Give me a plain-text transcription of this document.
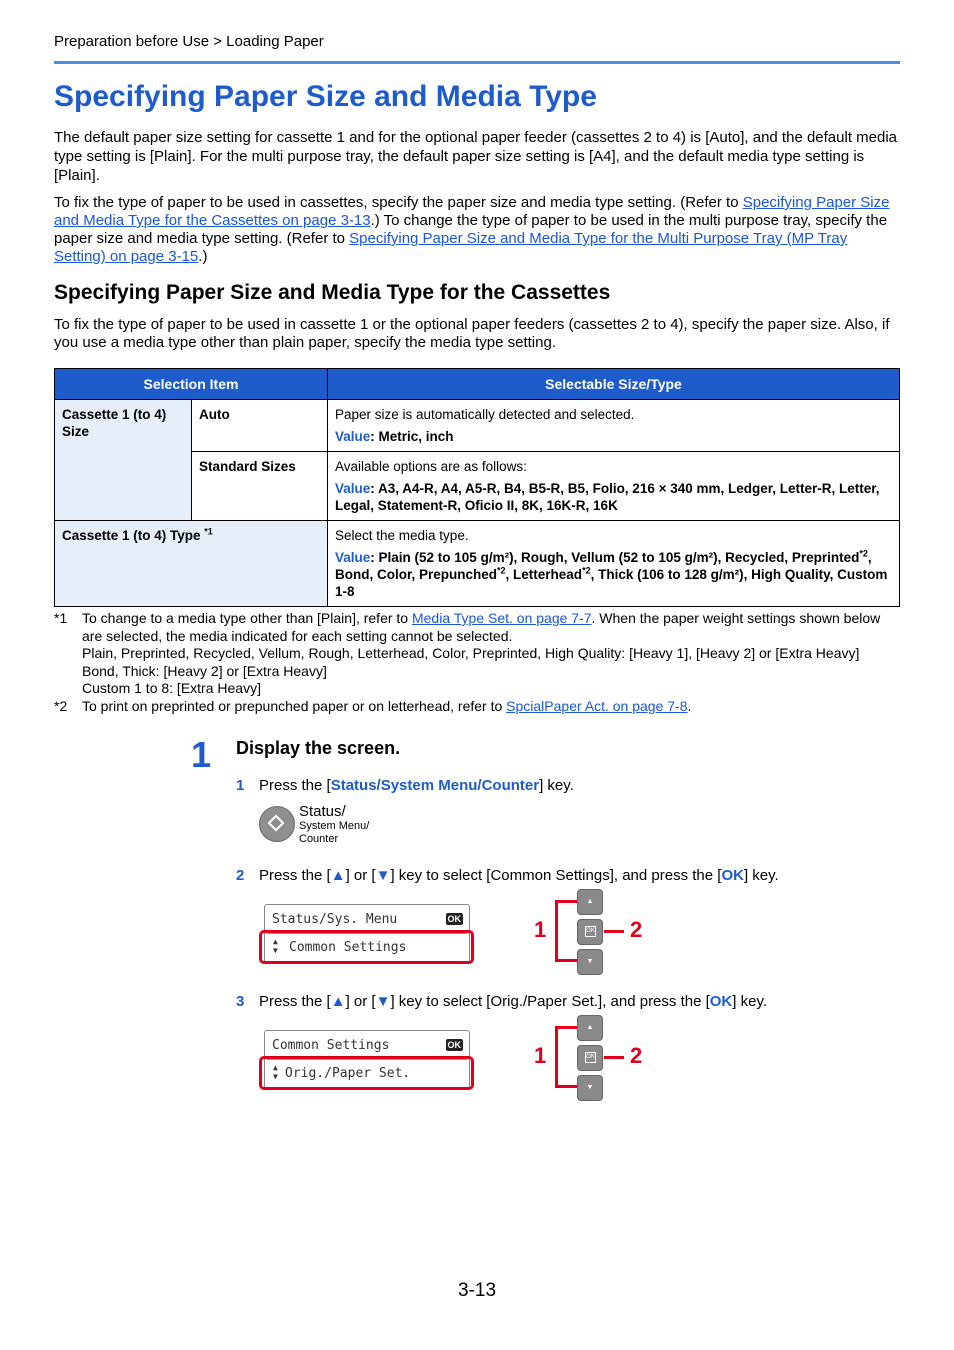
Preparation before Use > Loading Paper
Specifying Paper Size and Media Type

The default paper size setting for cassette 1 and for the optional paper feeder (cassettes 2 to 4) is [Auto], and the default media type setting is [Plain]. For the multi purpose tray, the default paper size setting is [A4], and the default media type setting is [Plain].

To fix the type of paper to be used in cassettes, specify the paper size and media type setting. (Refer to Specifying Paper Size and Media Type for the Cassettes on page 3-13.) To change the type of paper to be used in the multi purpose tray, specify the paper size and media type setting. (Refer to Specifying Paper Size and Media Type for the Multi Purpose Tray (MP Tray Setting) on page 3-15.)

Specifying Paper Size and Media Type for the Cassettes

To fix the type of paper to be used in cassette 1 or the optional paper feeders (cassettes 2 to 4), specify the paper size. Also, if you use a media type other than plain paper, specify the media type setting.

Selection Item		Selectable Size/Type
Cassette 1 (to 4) Size	Auto	Paper size is automatically detected and selected.
Value: Metric, inch

	Standard Sizes	Available options are as follows:
Value: A3, A4-R, A4, A5-R, B4, B5-R, B5, Folio, 216 × 340 mm, Ledger, Letter-R, Letter, Legal, Statement-R, Oficio II, 8K, 16K-R, 16K

Cassette 1 (to 4) Type $^{*1}$		Select the media type.
Value: Plain (52 to 105 g/m²), Rough, Vellum (52 to 105 g/m²), Recycled, Preprinted$^{*2}$, Bond, Color, Prepunched$^{*2}$, Letterhead$^{*2}$, Thick (106 to 128 g/m²), High Quality, Custom 1-8
*1 To change to a media type other than [Plain], refer to Media Type Set. on page 7-7. When the paper weight settings shown below are selected, the media indicated for each setting cannot be selected.
Plain, Preprinted, Recycled, Vellum, Rough, Letterhead, Color, Preprinted, High Quality: [Heavy 1], [Heavy 2] or [Extra Heavy]
Bond, Thick: [Heavy 2] or [Extra Heavy]
Custom 1 to 8: [Extra Heavy]
*2 To print on preprinted or prepunched paper or on letterhead, refer to SpcialPaper Act. on page 7-8.
1 Display the screen.
1 Press the [Status/System Menu/Counter] key.
Status/
System Menu/
Counter
2 Press the [▲] or [▼] key to select [Common Settings], and press the [OK] key.
Status/Sys. Menu	OK
▲
▼ Common Settings
▲
OK
▼
1	2
3 Press the [▲] or [▼] key to select [Orig./Paper Set.], and press the [OK] key.
Common Settings	OK
▲
▼ Orig./Paper Set.
▲
OK
▼
1	2
3-13
